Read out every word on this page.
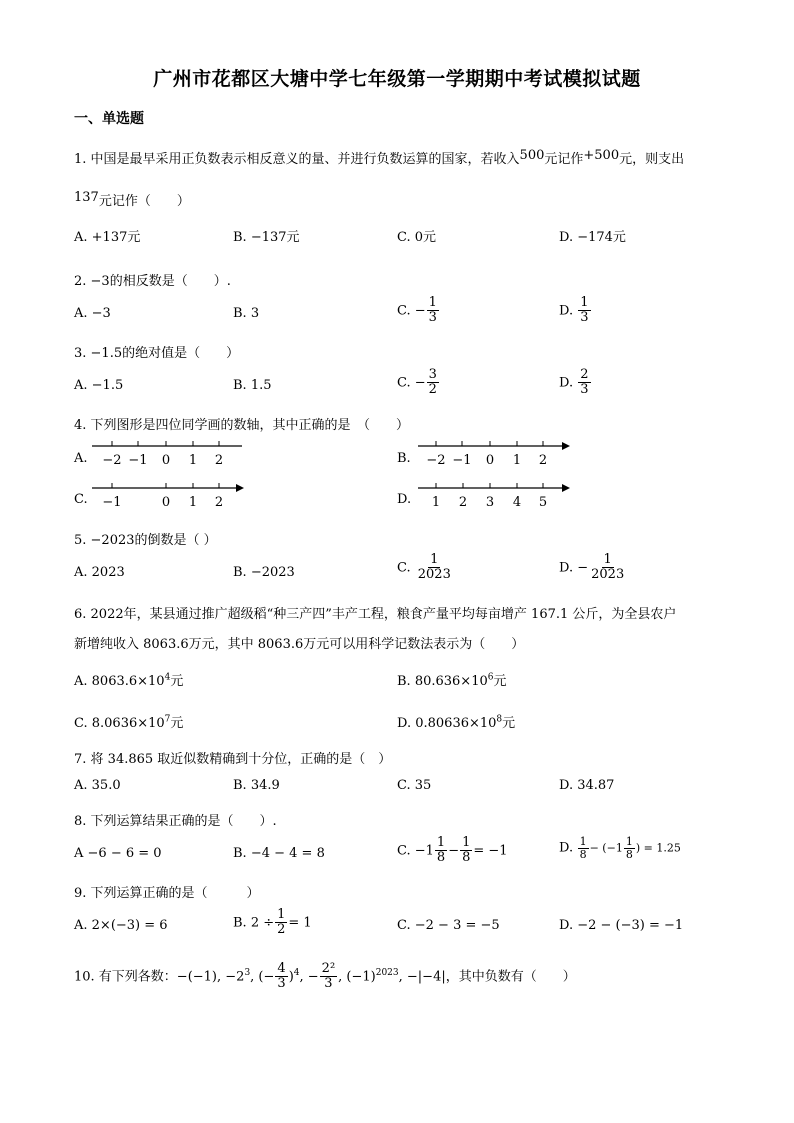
广州市花都区大塘中学七年级第一学期期中考试模拟试题
一、单选题
1. 中国是最早采用正负数表示相反意义的量、并进行负数运算的国家，若收入500元记作+500元，则支出
137元记作（　　）
A. +137元	B. −137元	C. 0元	D. −174元
2. −3的相反数是（　　）.
A. −3	B. 3	C. − $\frac{1}{3}$	D. $\frac{1}{3}$
3. −1.5的绝对值是（　　）
A. −1.5	B. 1.5	C. − $\frac{3}{2}$	D. $\frac{2}{3}$
4. 下列图形是四位同学画的数轴，其中正确的是　（　　）
A. −2 −1 0 1 2	B. −2 −1 0 1 2
C. −1	0 1 2	D. 1 2 3 4 5
5. −2023的倒数是（ ）
A. 2023	B. −2023	C. $\frac{1}{2023}$	D. − $\frac{1}{2023}$
6. 2022年，某县通过推广超级稻“种三产四”丰产工程，粮食产量平均每亩增产 167.1 公斤，为全县农户
新增纯收入 8063.6万元，其中 8063.6万元可以用科学记数法表示为（　　）
A. $8063.6\times 10^4$元	B. $80.636\times 10^6$元
C. $8.0636\times 10^7$元	D. $0.80636\times 10^8$元
7. 将 34.865 取近似数精确到十分位，正确的是（　）
A. 35.0	B. 34.9	C. 35	D. 34.87
8. 下列运算结果正确的是（　　）.
A −6 − 6 = 0	B. −4 − 4 = 8	C. $-1 \frac{1}{8} - \frac{1}{8} = -1$	D. $\frac{1}{8} - (-1 \frac{1}{8}$ ) = 1.25
9. 下列运算正确的是（　　　）
A. 2×(−3) = 6	B. $2 \div \frac{1}{2} = 1$	C. −2 − 3 = −5	D. −2 − (−3) = −1
10. 有下列各数：−(−1), $-2^3$, (− $\frac{4}{3} )^4$, − $\frac{\text{2²}}{3}$ , $(-1)^{2023}$, −|−4|，其中负数有（　　）
